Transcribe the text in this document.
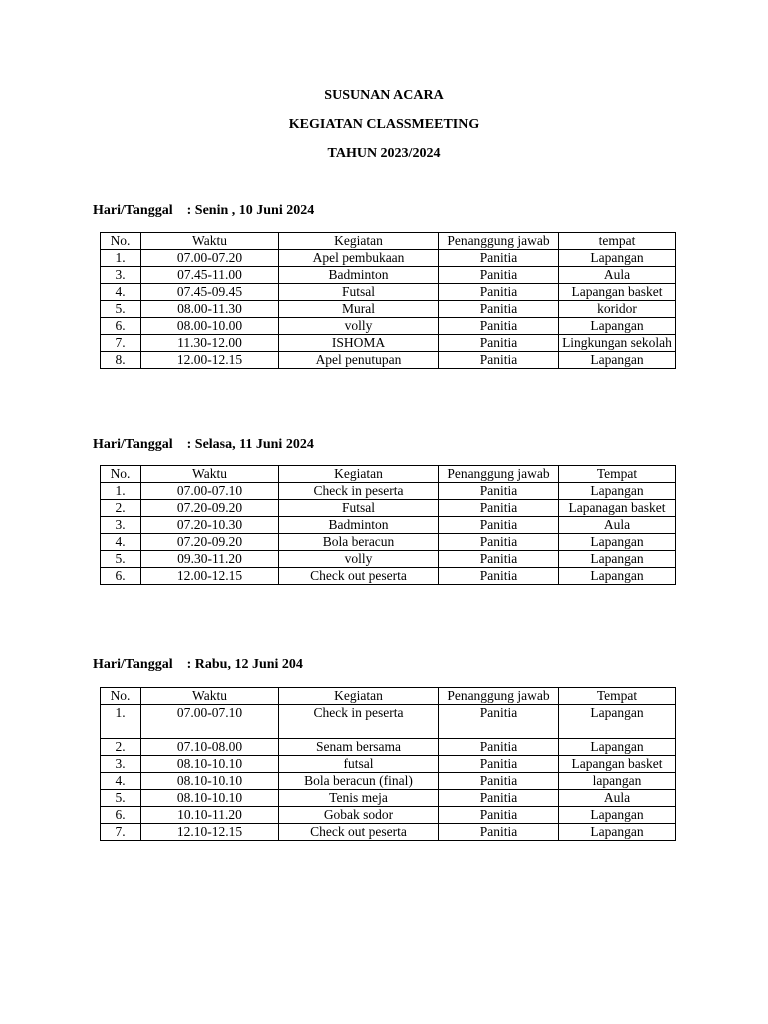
SUSUNAN ACARA
KEGIATAN CLASSMEETING
TAHUN 2023/2024
Hari/Tanggal : Senin , 10 Juni 2024
No.	Waktu	Kegiatan	Penanggung jawab	tempat
1.	07.00-07.20	Apel pembukaan	Panitia	Lapangan
3.	07.45-11.00	Badminton	Panitia	Aula
4.	07.45-09.45	Futsal	Panitia	Lapangan basket
5.	08.00-11.30	Mural	Panitia	koridor
6.	08.00-10.00	volly	Panitia	Lapangan
7.	11.30-12.00	ISHOMA	Panitia	Lingkungan sekolah
8.	12.00-12.15	Apel penutupan	Panitia	Lapangan
Hari/Tanggal : Selasa, 11 Juni 2024
No.	Waktu	Kegiatan	Penanggung jawab	Tempat
1.	07.00-07.10	Check in peserta	Panitia	Lapangan
2.	07.20-09.20	Futsal	Panitia	Lapanagan basket
3.	07.20-10.30	Badminton	Panitia	Aula
4.	07.20-09.20	Bola beracun	Panitia	Lapangan
5.	09.30-11.20	volly	Panitia	Lapangan
6.	12.00-12.15	Check out peserta	Panitia	Lapangan
Hari/Tanggal : Rabu, 12 Juni 204
No.	Waktu	Kegiatan	Penanggung jawab	Tempat
1.	07.00-07.10	Check in peserta	Panitia	Lapangan
2.	07.10-08.00	Senam bersama	Panitia	Lapangan
3.	08.10-10.10	futsal	Panitia	Lapangan basket
4.	08.10-10.10	Bola beracun (final)	Panitia	lapangan
5.	08.10-10.10	Tenis meja	Panitia	Aula
6.	10.10-11.20	Gobak sodor	Panitia	Lapangan
7.	12.10-12.15	Check out peserta	Panitia	Lapangan
